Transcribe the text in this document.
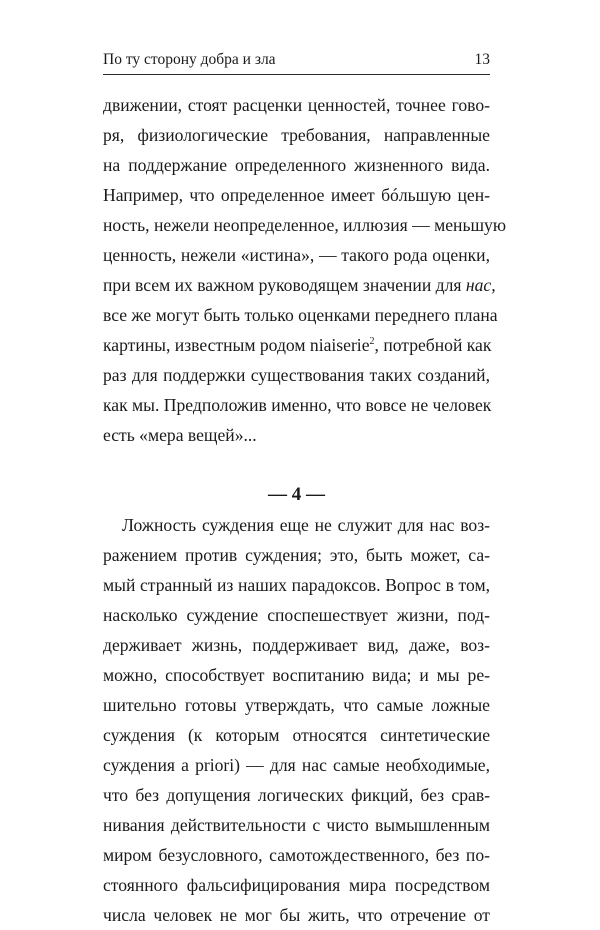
По ту сторону добра и зла	13
движении, стоят расценки ценностей, точнее гово-
ря, физиологические требования, направленные
на поддержание определенного жизненного вида.
Например, что определенное имеет бóльшую цен-
ность, нежели неопределенное, иллюзия — меньшую
ценность, нежели «истина», — такого рода оценки,
при всем их важном руководящем значении для нас,
все же могут быть только оценками переднего плана
картины, известным родом niaiserie$^2$, потребной как
раз для поддержки существования таких созданий,
как мы. Предположив именно, что вовсе не человек
есть «мера вещей»...
— 4 —
Ложность суждения еще не служит для нас воз-
ражением против суждения; это, быть может, са-
мый странный из наших парадоксов. Вопрос в том,
насколько суждение споспешествует жизни, под-
держивает жизнь, поддерживает вид, даже, воз-
можно, способствует воспитанию вида; и мы ре-
шительно готовы утверждать, что самые ложные
суждения (к которым относятся синтетические
суждения a priori) — для нас самые необходимые,
что без допущения логических фикций, без срав-
нивания действительности с чисто вымышленным
миром безусловного, самотождественного, без по-
стоянного фальсифицирования мира посредством
числа человек не мог бы жить, что отречение от
